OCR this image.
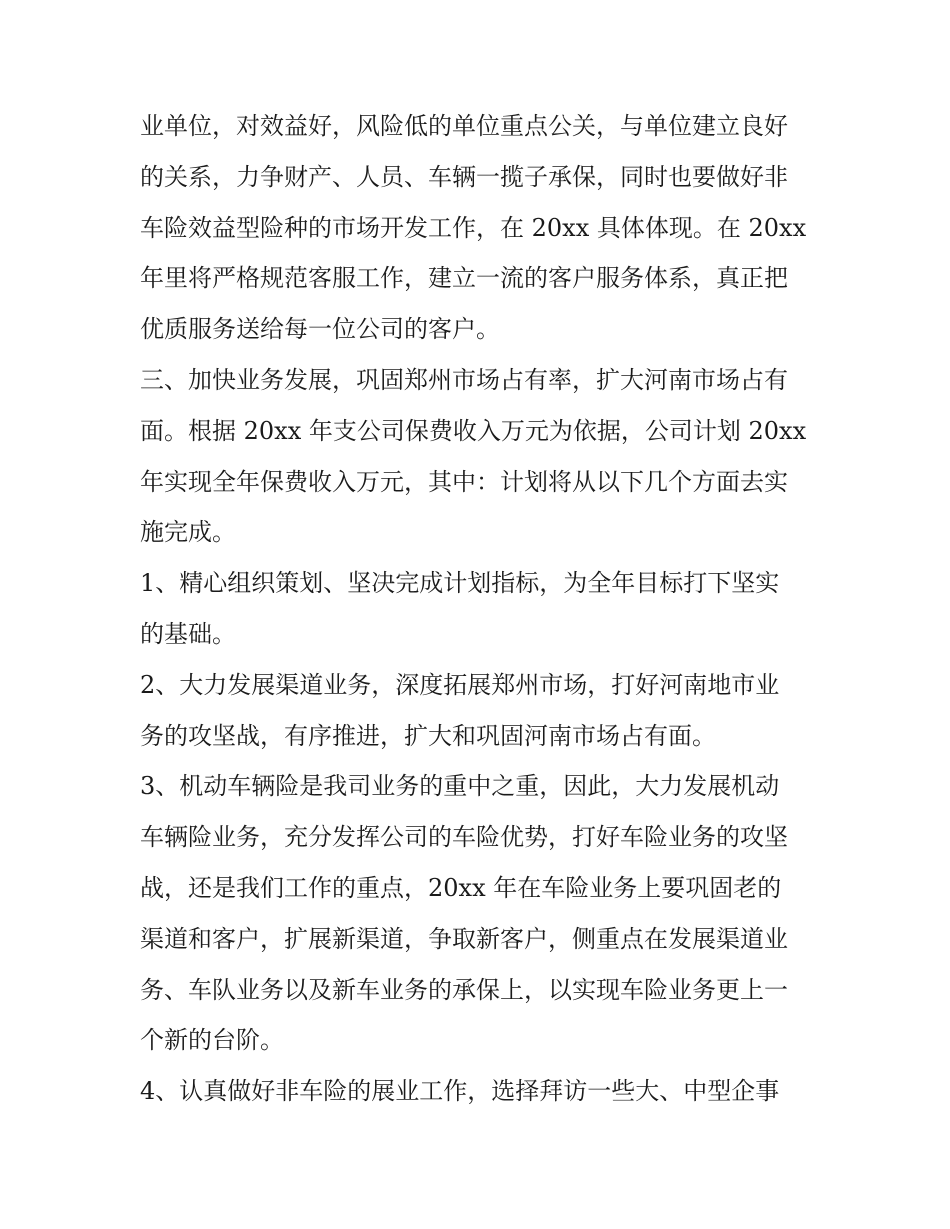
业单位，对效益好，风险低的单位重点公关，与单位建立良好
的关系，力争财产、人员、车辆一揽子承保，同时也要做好非
车险效益型险种的市场开发工作，在 20xx 具体体现。在 20xx
年里将严格规范客服工作，建立一流的客户服务体系，真正把
优质服务送给每一位公司的客户。
三、加快业务发展，巩固郑州市场占有率，扩大河南市场占有
面。根据 20xx 年支公司保费收入万元为依据，公司计划 20xx
年实现全年保费收入万元，其中：计划将从以下几个方面去实
施完成。
1、精心组织策划、坚决完成计划指标，为全年目标打下坚实
的基础。
2、大力发展渠道业务，深度拓展郑州市场，打好河南地市业
务的攻坚战，有序推进，扩大和巩固河南市场占有面。
3、机动车辆险是我司业务的重中之重，因此，大力发展机动
车辆险业务，充分发挥公司的车险优势，打好车险业务的攻坚
战，还是我们工作的重点，20xx 年在车险业务上要巩固老的
渠道和客户，扩展新渠道，争取新客户，侧重点在发展渠道业
务、车队业务以及新车业务的承保上，以实现车险业务更上一
个新的台阶。
4、认真做好非车险的展业工作，选择拜访一些大、中型企事
